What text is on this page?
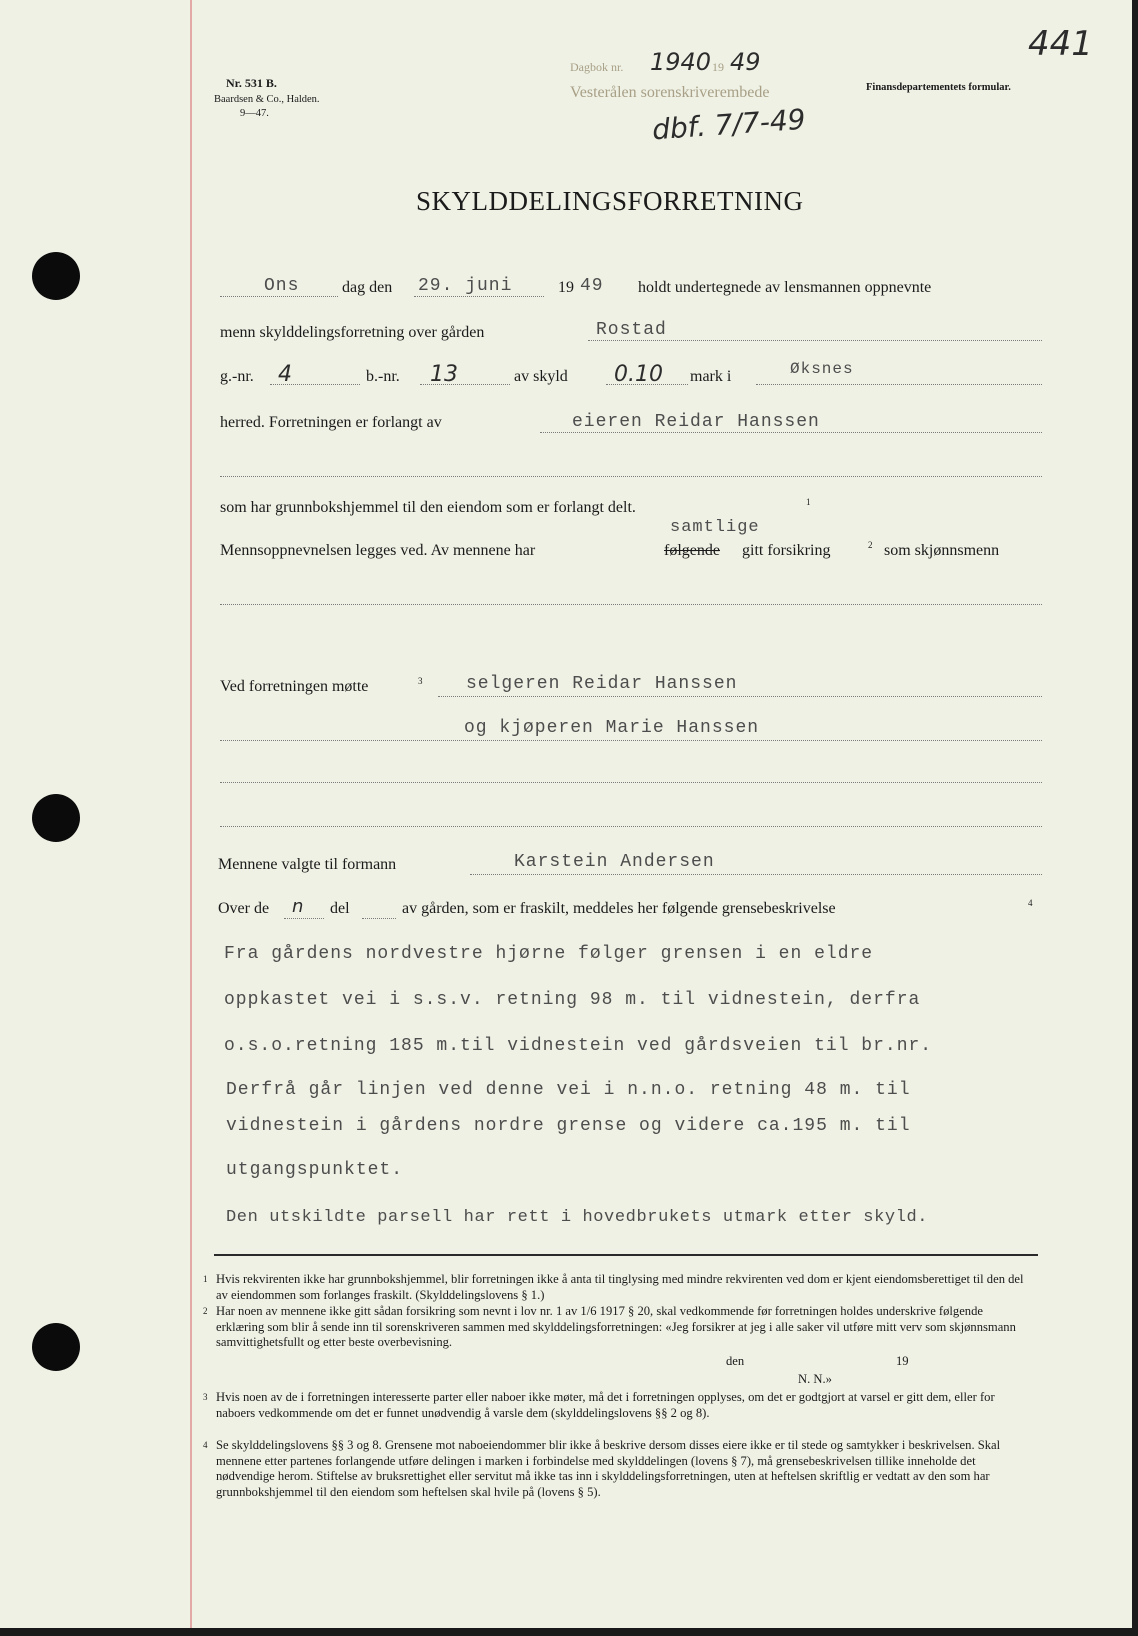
Nr. 531 B.
Baardsen & Co., Halden.
9—47.
Dagbok nr. 1940 19 49
Vesterålen sorenskriverembede
dbf. 7/7-49
441
Finansdepartementets formular.
SKYLDDELINGSFORRETNING
Ons	dag den 29. juni	19 49 holdt undertegnede av lensmannen oppnevnte
menn skylddelingsforretning over gården	Rostad
g.-nr. 4	b.-nr. 13	av skyld 0.10 mark i	Øksnes
herred. Forretningen er forlangt av	eieren Reidar Hanssen
som har grunnbokshjemmel til den eiendom som er forlangt delt.	1
samtlige
Mennsoppnevnelsen legges ved. Av mennene har	følgende gitt forsikring	2 som skjønnsmenn
Ved forretningen møtte	3 selgeren Reidar Hanssen
og kjøperen Marie Hanssen
Mennene valgte til formann	Karstein Andersen
Over de n del	av gården, som er fraskilt, meddeles her følgende grensebeskrivelse	4
Fra gårdens nordvestre hjørne følger grensen i en eldre
oppkastet vei i s.s.v. retning 98 m. til vidnestein, derfra
o.s.o.retning 185 m.til vidnestein ved gårdsveien til br.nr.
Derfrå går linjen ved denne vei i n.n.o. retning 48 m. til
vidnestein i gårdens nordre grense og videre ca.195 m. til
utgangspunktet.
Den utskildte parsell har rett i hovedbrukets utmark etter skyld.
1 Hvis rekvirenten ikke har grunnbokshjemmel, blir forretningen ikke å anta til tinglysing med mindre rekvirenten ved dom er kjent eiendomsberettiget til den del av eiendommen som forlanges fraskilt. (Skylddelingslovens § 1.)
2 Har noen av mennene ikke gitt sådan forsikring som nevnt i lov nr. 1 av 1/6 1917 § 20, skal vedkommende før forretningen holdes underskrive følgende erklæring som blir å sende inn til sorenskriveren sammen med skylddelingsforretningen: «Jeg forsikrer at jeg i alle saker vil utføre mitt verv som skjønnsmann samvittighetsfullt og etter beste overbevisning.
den	19
N. N.»
3 Hvis noen av de i forretningen interesserte parter eller naboer ikke møter, må det i forretningen opplyses, om det er godtgjort at varsel er gitt dem, eller for naboers vedkommende om det er funnet unødvendig å varsle dem (skylddelingslovens §§ 2 og 8).
4 Se skylddelingslovens §§ 3 og 8. Grensene mot naboeiendommer blir ikke å beskrive dersom disses eiere ikke er til stede og samtykker i beskrivelsen. Skal mennene etter partenes forlangende utføre delingen i marken i forbindelse med skylddelingen (lovens § 7), må grensebeskrivelsen tillike inneholde det nødvendige herom. Stiftelse av bruksrettighet eller servitut må ikke tas inn i skylddelingsforretningen, uten at heftelsen skriftlig er vedtatt av den som har grunnbokshjemmel til den eiendom som heftelsen skal hvile på (lovens § 5).
